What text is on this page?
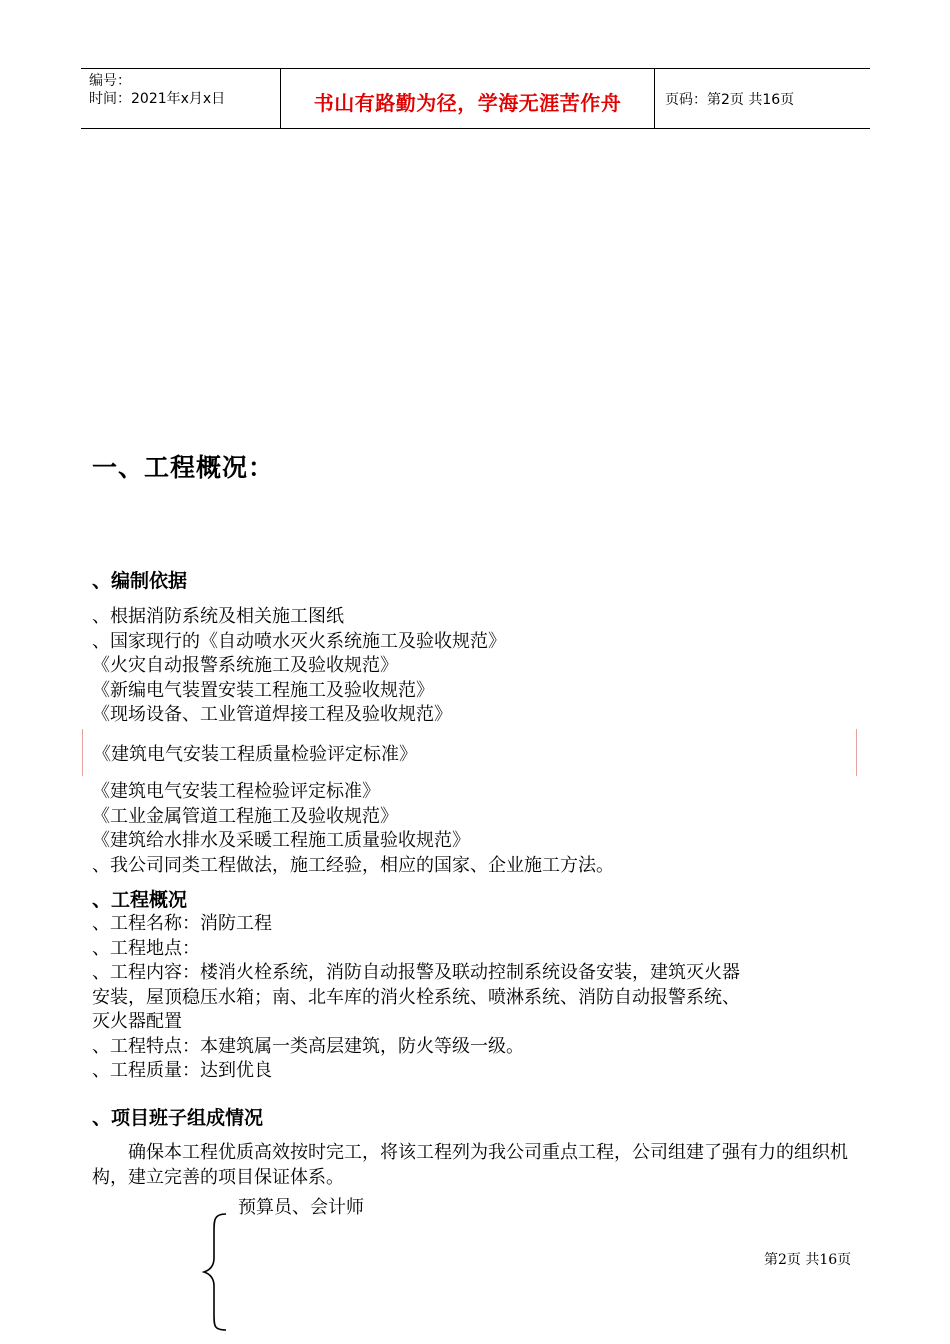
编号：
时间：2021年x月x日	书山有路勤为径，学海无涯苦作舟	页码：第2页 共16页
一、工程概况：
、编制依据
、根据消防系统及相关施工图纸
、国家现行的《自动喷水灭火系统施工及验收规范》
《火灾自动报警系统施工及验收规范》
《新编电气装置安装工程施工及验收规范》
《现场设备、工业管道焊接工程及验收规范》
《建筑电气安装工程质量检验评定标准》
《建筑电气安装工程检验评定标准》
《工业金属管道工程施工及验收规范》
《建筑给水排水及采暖工程施工质量验收规范》
、我公司同类工程做法，施工经验，相应的国家、企业施工方法。
、工程概况
、工程名称：消防工程
、工程地点：
、工程内容：楼消火栓系统，消防自动报警及联动控制系统设备安装，建筑灭火器
安装，屋顶稳压水箱；南、北车库的消火栓系统、喷淋系统、消防自动报警系统、
灭火器配置
、工程特点：本建筑属一类高层建筑，防火等级一级。
、工程质量：达到优良
、项目班子组成情况
确保本工程优质高效按时完工，将该工程列为我公司重点工程，公司组建了强有力的组织机构，建立完善的项目保证体系。
预算员、会计师
第2页 共16页
